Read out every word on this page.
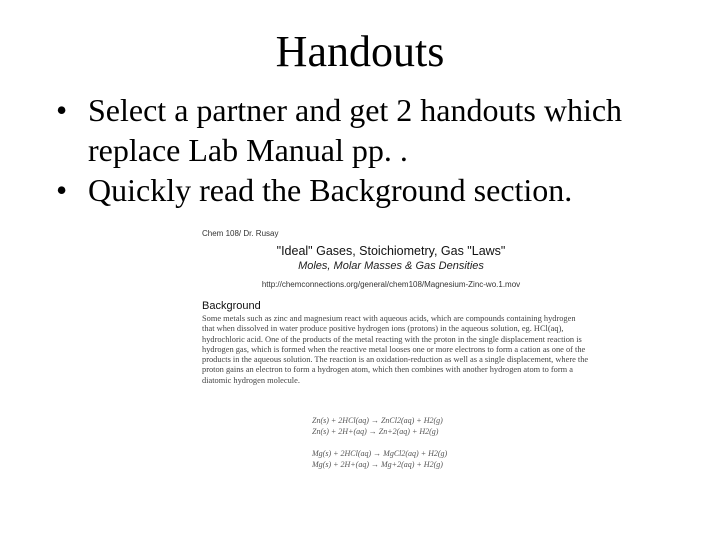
Handouts
• Select a partner and get 2 handouts which replace Lab Manual pp. .
• Quickly read the Background section.
Chem 108/ Dr. Rusay
"Ideal" Gases, Stoichiometry, Gas "Laws"
Moles, Molar Masses & Gas Densities
http://chemconnections.org/general/chem108/Magnesium-Zinc-wo.1.mov
Background
Some metals such as zinc and magnesium react with aqueous acids, which are compounds containing hydrogen that when dissolved in water produce positive hydrogen ions (protons) in the aqueous solution, eg. HCl(aq), hydrochloric acid. One of the products of the metal reacting with the proton in the single displacement reaction is hydrogen gas, which is formed when the reactive metal looses one or more electrons to form a cation as one of the products in the aqueous solution. The reaction is an oxidation-reduction as well as a single displacement, where the proton gains an electron to form a hydrogen atom, which then combines with another hydrogen atom to form a diatomic hydrogen molecule.
Zn(s) + 2HCl(aq) → ZnCl2(aq) + H2(g)
Zn(s) + 2H+(aq) → Zn+2(aq) + H2(g)
Mg(s) + 2HCl(aq) → MgCl2(aq) + H2(g)
Mg(s) + 2H+(aq) → Mg+2(aq) + H2(g)
